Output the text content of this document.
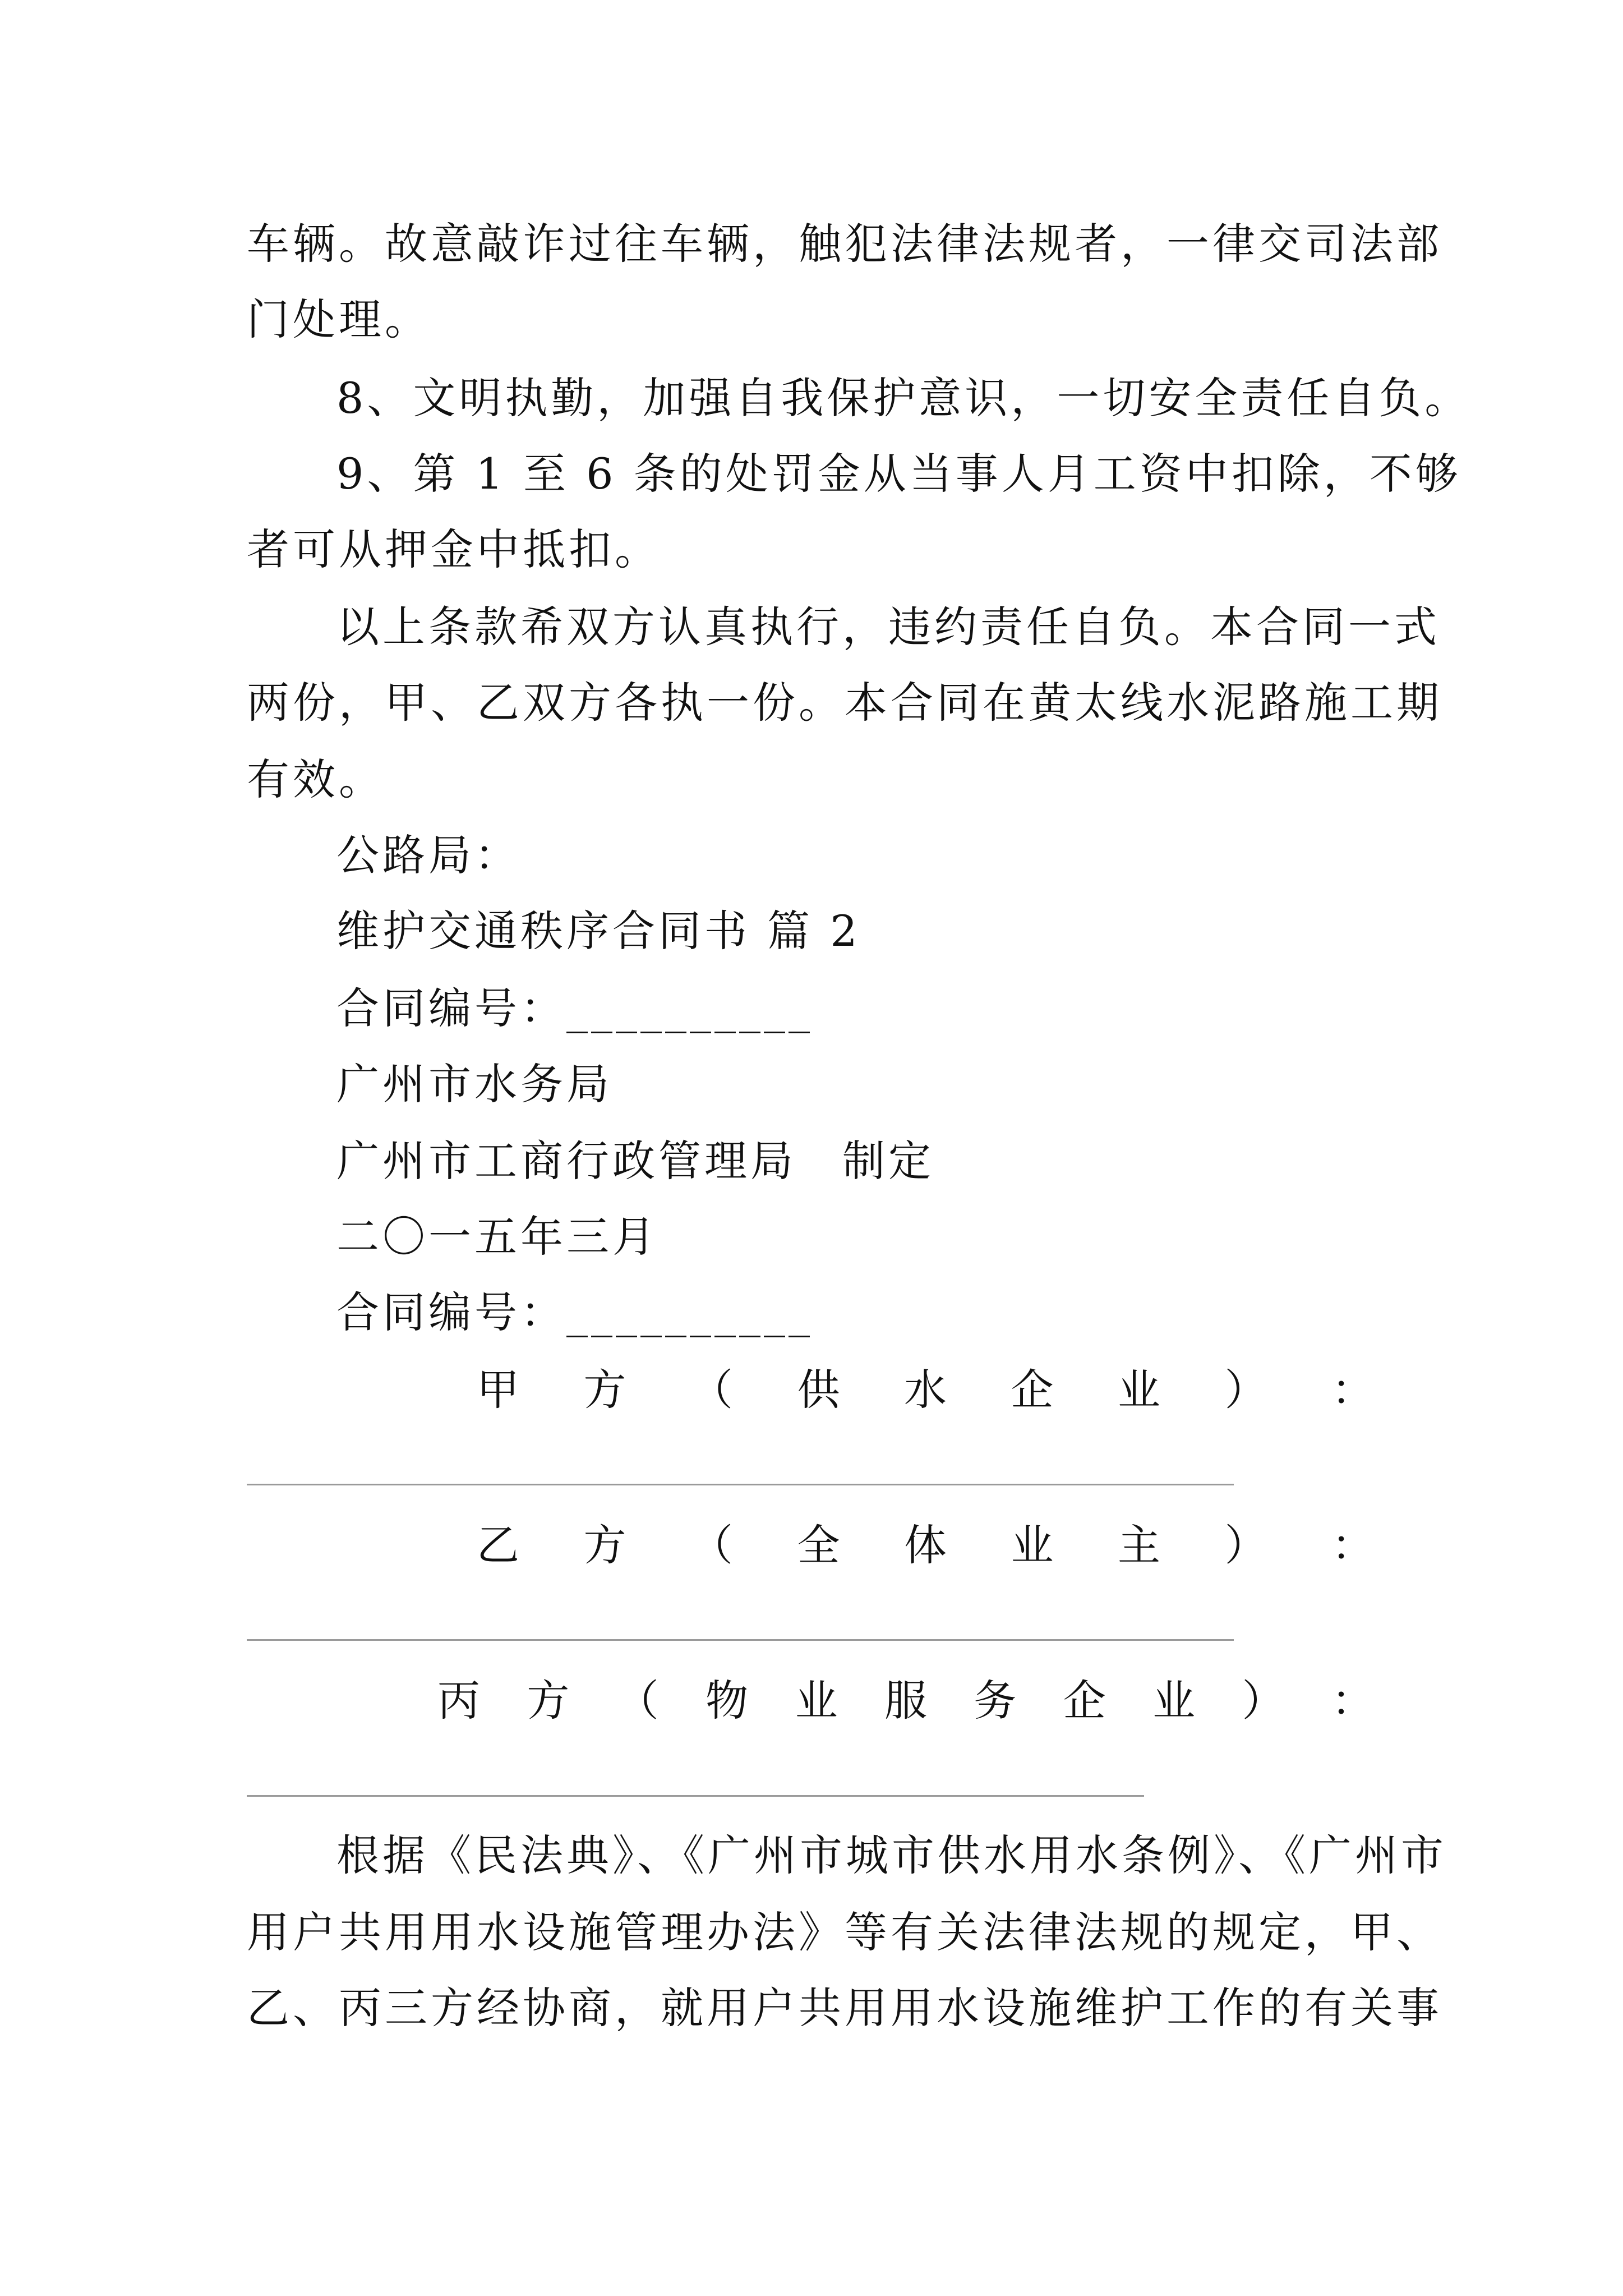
车辆。故意敲诈过往车辆，触犯法律法规者，一律交司法部
门处理。
8、文明执勤，加强自我保护意识，一切安全责任自负。
9、第 1 至 6 条的处罚金从当事人月工资中扣除，不够
者可从押金中抵扣。
以上条款希双方认真执行，违约责任自负。本合同一式
两份，甲、乙双方各执一份。本合同在黄太线水泥路施工期
有效。
公路局：
维护交通秩序合同书 篇 2
合同编号：__________
广州市水务局
广州市工商行政管理局　制定
二〇一五年三月
合同编号：__________
甲 方 （ 供 水 企 业 ） ：
乙 方 （ 全 体 业 主 ） ：
丙 方 （ 物 业 服 务 企 业 ） ：
根据《民法典》、《广州市城市供水用水条例》、《广州市
用户共用用水设施管理办法》等有关法律法规的规定，甲、
乙、丙三方经协商，就用户共用用水设施维护工作的有关事
